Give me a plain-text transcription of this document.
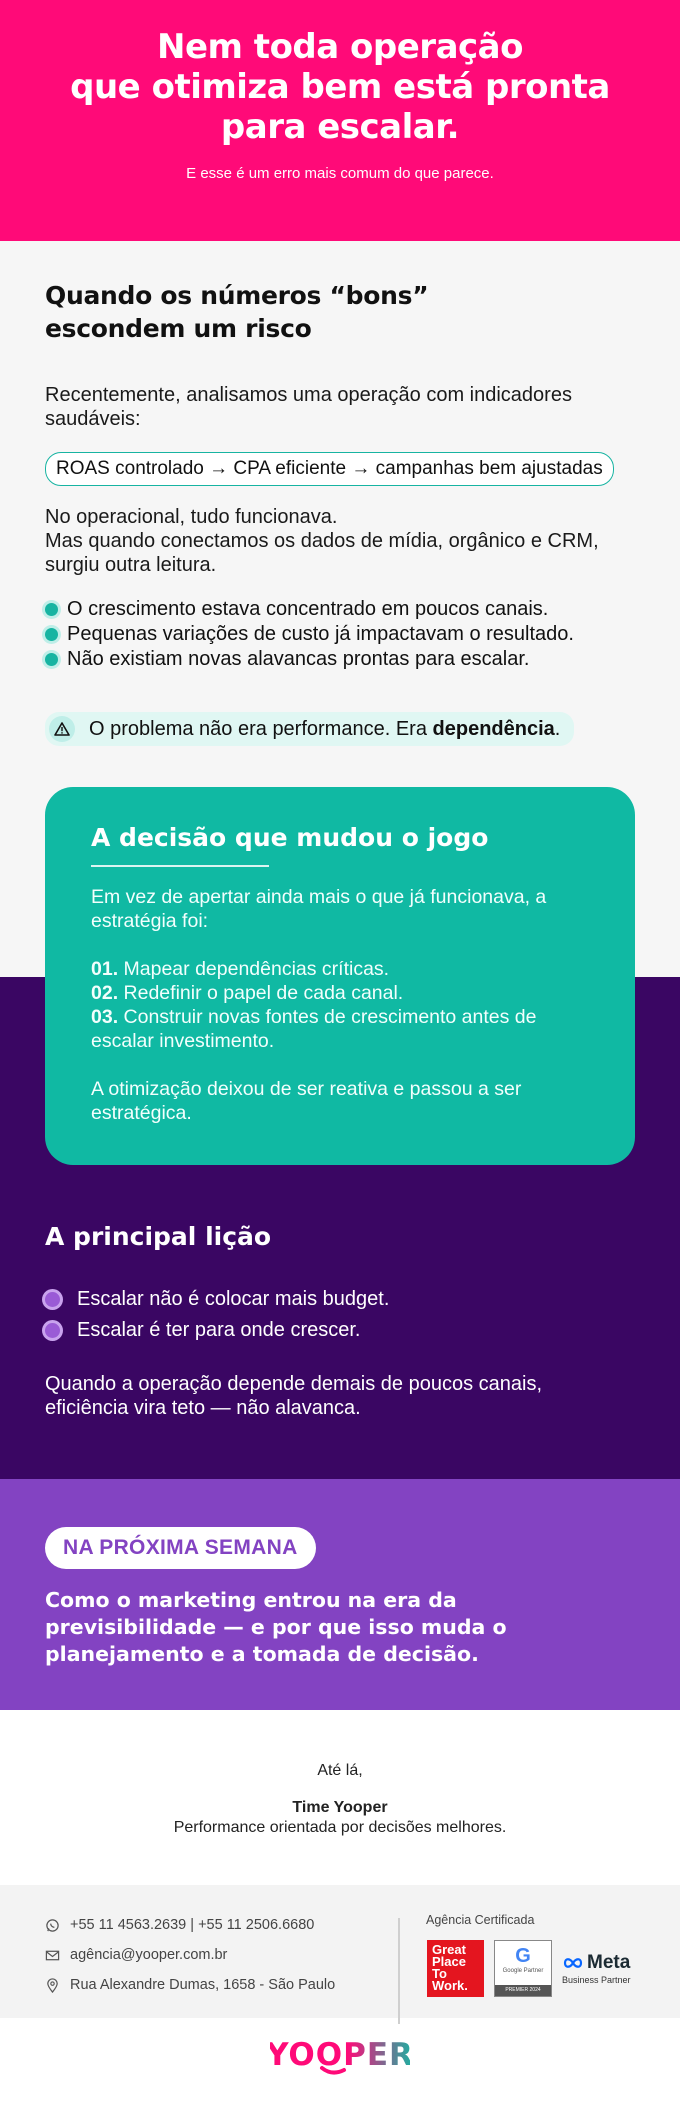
Nem toda operação
que otimiza bem está pronta
para escalar.

E esse é um erro mais comum do que parece.

Quando os números “bons”
escondem um risco

Recentemente, analisamos uma operação com indicadores saudáveis:

ROAS controlado → CPA eficiente → campanhas bem ajustadas

No operacional, tudo funcionava.

Mas quando conectamos os dados de mídia, orgânico e CRM, surgiu outra leitura.

O crescimento estava concentrado em poucos canais.
Pequenas variações de custo já impactavam o resultado.
Não existiam novas alavancas prontas para escalar.
O problema não era performance. Era dependência.
A decisão que mudou o jogo

Em vez de apertar ainda mais o que já funcionava, a estratégia foi:

01. Mapear dependências críticas.

02. Redefinir o papel de cada canal.

03. Construir novas fontes de crescimento antes de escalar investimento.

A otimização deixou de ser reativa e passou a ser estratégica.

A principal lição
Escalar não é colocar mais budget.
Escalar é ter para onde crescer.

Quando a operação depende demais de poucos canais, eficiência vira teto — não alavanca.

NA PRÓXIMA SEMANA

Como o marketing entrou na era da previsibilidade — e por que isso muda o planejamento e a tomada de decisão.

Até lá,

Time Yooper

Performance orientada por decisões melhores.

+55 11 4563.2639 | +55 11 2506.6680
agência@yooper.com.br
Rua Alexandre Dumas, 1658 - São Paulo
Agência Certificada
Great
Place
To
Work.
G
Google Partner
PREMIER 2024
Meta
Business Partner
YOOPER
